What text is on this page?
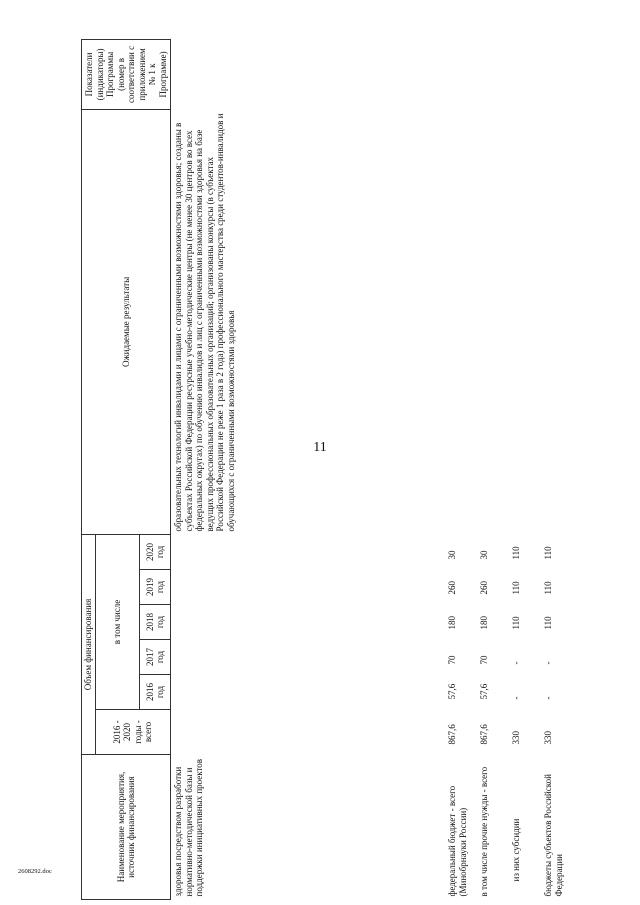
11
Наименование мероприятия, источник финансирования	Объем финансирования						Ожидаемые результаты	Показатели (индикаторы) Программы (номер в соответствии с приложением № 1 к Программе)
	2016 - 2020 годы - всего	в том числе						
		2016 год	2017 год	2018 год	2019 год	2020 год		
здоровья посредством разработки нормативно-методической базы и поддержки инициативных проектов							образовательных технологий инвалидами и лицами с ограниченными возможностями здоровья; созданы в субъектах Российской Федерации ресурсные учебно-методические центры (не менее 30 центров во всех федеральных округах) по обучению инвалидов и лиц с ограниченными возможностями здоровья на базе ведущих профессиональных образовательных организаций; организованы конкурсы (в субъектах Российской Федерации не реже 1 раза в 2 года) профессионального мастерства среди студентов-инвалидов и обучающихся с ограниченными возможностями здоровья	
федеральный бюджет - всего (Минобрнауки России)	867,6	57,6	70	180	260	30		
в том числе прочие нужды - всего	867,6	57,6	70	180	260	30		
из них субсидии	330	-	-	110	110	110		
бюджеты субъектов Российской Федерации	330	-	-	110	110	110		
2608292.doc
